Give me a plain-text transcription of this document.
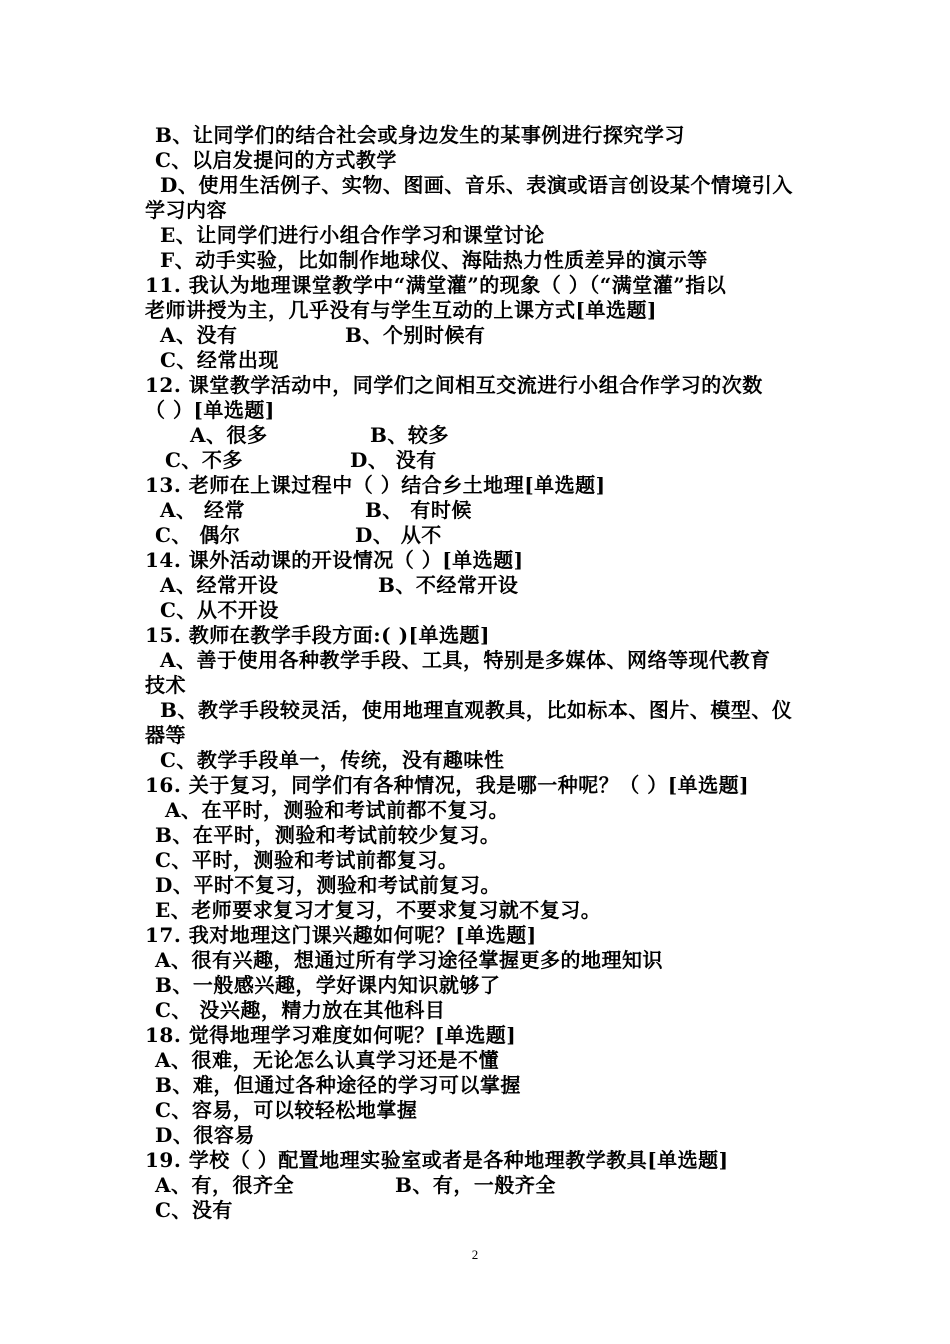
B、让同学们的结合社会或身边发生的某事例进行探究学习
C、以启发提问的方式教学
D、使用生活例子、实物、图画、音乐、表演或语言创设某个情境引入
学习内容
E、让同学们进行小组合作学习和课堂讨论
F、动手实验，比如制作地球仪、海陆热力性质差异的演示等
11. 我认为地理课堂教学中“满堂灌”的现象（ ）（“满堂灌”指以
老师讲授为主，几乎没有与学生互动的上课方式[单选题]
A、没有	B、个别时候有
C、经常出现
12. 课堂教学活动中，同学们之间相互交流进行小组合作学习的次数
（ ）[单选题]
A、很多	B、较多
C、不多	D、 没有
13. 老师在上课过程中（ ）结合乡土地理[单选题]
A、 经常	B、 有时候
C、 偶尔	D、 从不
14. 课外活动课的开设情况（ ）[单选题]
A、经常开设	B、不经常开设
C、从不开设
15. 教师在教学手段方面:( )[单选题]
A、善于使用各种教学手段、工具，特别是多媒体、网络等现代教育
技术
B、教学手段较灵活，使用地理直观教具，比如标本、图片、模型、仪
器等
C、教学手段单一，传统，没有趣味性
16. 关于复习，同学们有各种情况，我是哪一种呢？（ ）[单选题]
A、在平时，测验和考试前都不复习。
B、在平时，测验和考试前较少复习。
C、平时，测验和考试前都复习。
D、平时不复习，测验和考试前复习。
E、老师要求复习才复习，不要求复习就不复习。
17. 我对地理这门课兴趣如何呢？[单选题]
A、很有兴趣，想通过所有学习途径掌握更多的地理知识
B、一般感兴趣，学好课内知识就够了
C、 没兴趣，精力放在其他科目
18. 觉得地理学习难度如何呢？[单选题]
A、很难，无论怎么认真学习还是不懂
B、难，但通过各种途径的学习可以掌握
C、容易，可以较轻松地掌握
D、很容易
19. 学校（ ）配置地理实验室或者是各种地理教学教具[单选题]
A、有，很齐全	B、有，一般齐全
C、没有
2
